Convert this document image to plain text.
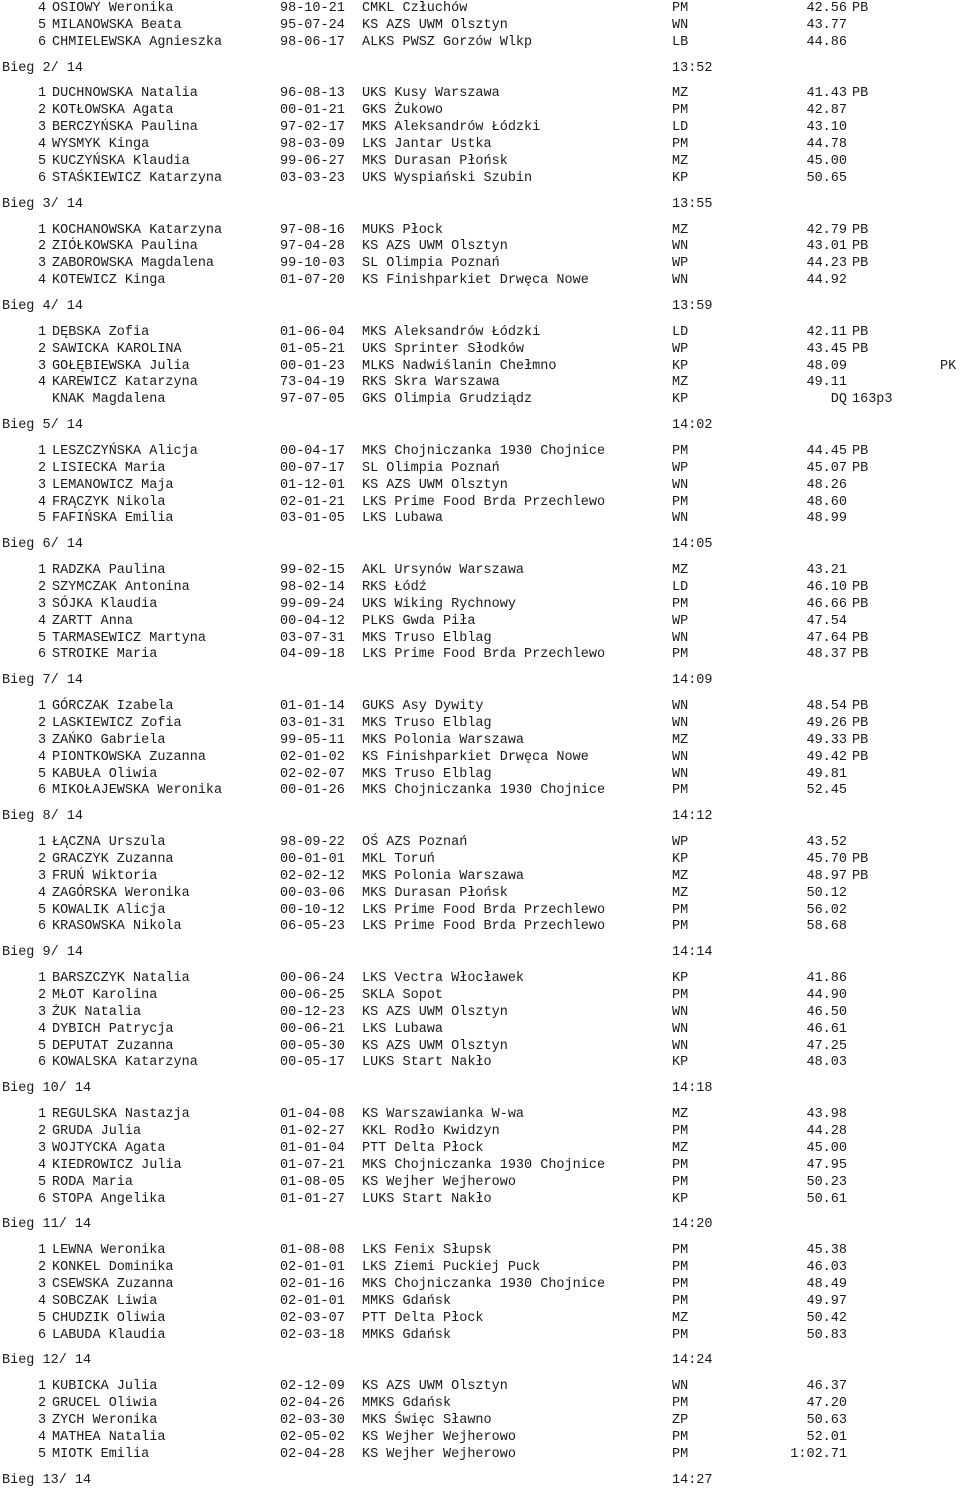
4 OSIOWY Weronika	98-10-21 CMKL Człuchów	PM	42.56 PB
5 MILANOWSKA Beata	95-07-24 KS AZS UWM Olsztyn	WN	43.77
6 CHMIELEWSKA Agnieszka	98-06-17 ALKS PWSZ Gorzów Wlkp	LB	44.86
Bieg 2/ 14	13:52
1 DUCHNOWSKA Natalia	96-08-13 UKS Kusy Warszawa	MZ	41.43 PB
2 KOTŁOWSKA Agata	00-01-21 GKS Żukowo	PM	42.87
3 BERCZYŃSKA Paulina	97-02-17 MKS Aleksandrów Łódzki	LD	43.10
4 WYSMYK Kinga	98-03-09 LKS Jantar Ustka	PM	44.78
5 KUCZYŃSKA Klaudia	99-06-27 MKS Durasan Płońsk	MZ	45.00
6 STAŚKIEWICZ Katarzyna	03-03-23 UKS Wyspiański Szubin	KP	50.65
Bieg 3/ 14	13:55
1 KOCHANOWSKA Katarzyna	97-08-16 MUKS Płock	MZ	42.79 PB
2 ZIÓŁKOWSKA Paulina	97-04-28 KS AZS UWM Olsztyn	WN	43.01 PB
3 ZABOROWSKA Magdalena	99-10-03 SL Olimpia Poznań	WP	44.23 PB
4 KOTEWICZ Kinga	01-07-20 KS Finishparkiet Drwęca Nowe	WN	44.92
Bieg 4/ 14	13:59
1 DĘBSKA Zofia	01-06-04 MKS Aleksandrów Łódzki	LD	42.11 PB
2 SAWICKA KAROLINA	01-05-21 UKS Sprinter Słodków	WP	43.45 PB
3 GOŁĘBIEWSKA Julia	00-01-23 MLKS Nadwiślanin Chełmno	KP	48.09	PK
4 KAREWICZ Katarzyna	73-04-19 RKS Skra Warszawa	MZ	49.11
KNAK Magdalena	97-07-05 GKS Olimpia Grudziądz	KP	DQ 163p3
Bieg 5/ 14	14:02
1 LESZCZYŃSKA Alicja	00-04-17 MKS Chojniczanka 1930 Chojnice	PM	44.45 PB
2 LISIECKA Maria	00-07-17 SL Olimpia Poznań	WP	45.07 PB
3 LEMANOWICZ Maja	01-12-01 KS AZS UWM Olsztyn	WN	48.26
4 FRĄCZYK Nikola	02-01-21 LKS Prime Food Brda Przechlewo	PM	48.60
5 FAFIŃSKA Emilia	03-01-05 LKS Lubawa	WN	48.99
Bieg 6/ 14	14:05
1 RADZKA Paulina	99-02-15 AKL Ursynów Warszawa	MZ	43.21
2 SZYMCZAK Antonina	98-02-14 RKS Łódź	LD	46.10 PB
3 SÓJKA Klaudia	99-09-24 UKS Wiking Rychnowy	PM	46.66 PB
4 ZARTT Anna	00-04-12 PLKS Gwda Piła	WP	47.54
5 TARMASEWICZ Martyna	03-07-31 MKS Truso Elblag	WN	47.64 PB
6 STROIKE Maria	04-09-18 LKS Prime Food Brda Przechlewo	PM	48.37 PB
Bieg 7/ 14	14:09
1 GÓRCZAK Izabela	01-01-14 GUKS Asy Dywity	WN	48.54 PB
2 LASKIEWICZ Zofia	03-01-31 MKS Truso Elblag	WN	49.26 PB
3 ZAŃKO Gabriela	99-05-11 MKS Polonia Warszawa	MZ	49.33 PB
4 PIONTKOWSKA Zuzanna	02-01-02 KS Finishparkiet Drwęca Nowe	WN	49.42 PB
5 KABUŁA Oliwia	02-02-07 MKS Truso Elblag	WN	49.81
6 MIKOŁAJEWSKA Weronika	00-01-26 MKS Chojniczanka 1930 Chojnice	PM	52.45
Bieg 8/ 14	14:12
1 ŁĄCZNA Urszula	98-09-22 OŚ AZS Poznań	WP	43.52
2 GRACZYK Zuzanna	00-01-01 MKL Toruń	KP	45.70 PB
3 FRUŃ Wiktoria	02-02-12 MKS Polonia Warszawa	MZ	48.97 PB
4 ZAGÓRSKA Weronika	00-03-06 MKS Durasan Płońsk	MZ	50.12
5 KOWALIK Alicja	00-10-12 LKS Prime Food Brda Przechlewo	PM	56.02
6 KRASOWSKA Nikola	06-05-23 LKS Prime Food Brda Przechlewo	PM	58.68
Bieg 9/ 14	14:14
1 BARSZCZYK Natalia	00-06-24 LKS Vectra Włocławek	KP	41.86
2 MŁOT Karolina	00-06-25 SKLA Sopot	PM	44.90
3 ŻUK Natalia	00-12-23 KS AZS UWM Olsztyn	WN	46.50
4 DYBICH Patrycja	00-06-21 LKS Lubawa	WN	46.61
5 DEPUTAT Zuzanna	00-05-30 KS AZS UWM Olsztyn	WN	47.25
6 KOWALSKA Katarzyna	00-05-17 LUKS Start Nakło	KP	48.03
Bieg 10/ 14	14:18
1 REGULSKA Nastazja	01-04-08 KS Warszawianka W-wa	MZ	43.98
2 GRUDA Julia	01-02-27 KKL Rodło Kwidzyn	PM	44.28
3 WOJTYCKA Agata	01-01-04 PTT Delta Płock	MZ	45.00
4 KIEDROWICZ Julia	01-07-21 MKS Chojniczanka 1930 Chojnice	PM	47.95
5 RODA Maria	01-08-05 KS Wejher Wejherowo	PM	50.23
6 STOPA Angelika	01-01-27 LUKS Start Nakło	KP	50.61
Bieg 11/ 14	14:20
1 LEWNA Weronika	01-08-08 LKS Fenix Słupsk	PM	45.38
2 KONKEL Dominika	02-01-01 LKS Ziemi Puckiej Puck	PM	46.03
3 CSEWSKA Zuzanna	02-01-16 MKS Chojniczanka 1930 Chojnice	PM	48.49
4 SOBCZAK Liwia	02-01-01 MMKS Gdańsk	PM	49.97
5 CHUDZIK Oliwia	02-03-07 PTT Delta Płock	MZ	50.42
6 LABUDA Klaudia	02-03-18 MMKS Gdańsk	PM	50.83
Bieg 12/ 14	14:24
1 KUBICKA Julia	02-12-09 KS AZS UWM Olsztyn	WN	46.37
2 GRUCEL Oliwia	02-04-26 MMKS Gdańsk	PM	47.20
3 ZYCH Weronika	02-03-30 MKS Święc Sławno	ZP	50.63
4 MATHEA Natalia	02-05-02 KS Wejher Wejherowo	PM	52.01
5 MIOTK Emilia	02-04-28 KS Wejher Wejherowo	PM	1:02.71
Bieg 13/ 14	14:27
